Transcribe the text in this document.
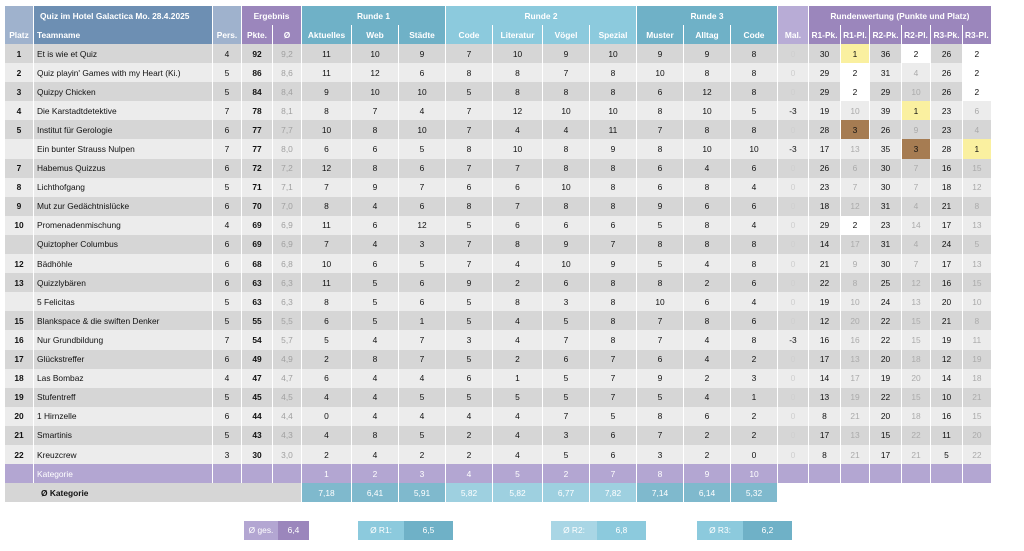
	Quiz im Hotel Galactica Mo. 28.4.2025		Ergebnis		Runde 1			Runde 2				Runde 3				Rundenwertung (Punkte und Platz)					
Platz	Teamname	Pers.	Pkte.	Ø	Aktuelles	Web	Städte	Code	Literatur	Vögel	Spezial	Muster	Alltag	Code	Mal.	R1-Pk.	R1-Pl.	R2-Pk.	R2-Pl.	R3-Pk.	R3-Pl.
1	Et is wie et Quiz	4	92	9,2	11	10	9	7	10	9	10	9	9	8	0	30	1	36	2	26	2
2	Quiz playin' Games with my Heart (Ki.)	5	86	8,6	11	12	6	8	8	7	8	10	8	8	0	29	2	31	4	26	2
3	Quizpy Chicken	5	84	8,4	9	10	10	5	8	8	8	6	12	8	0	29	2	29	10	26	2
4	Die Karstadtdetektive	7	78	8,1	8	7	4	7	12	10	10	8	10	5	-3	19	10	39	1	23	6
5	Institut für Gerologie	6	77	7,7	10	8	10	7	4	4	11	7	8	8	0	28	3	26	9	23	4
	Ein bunter Strauss Nulpen	7	77	8,0	6	6	5	8	10	8	9	8	10	10	-3	17	13	35	3	28	1
7	Habemus Quizzus	6	72	7,2	12	8	6	7	7	8	8	6	4	6	0	26	6	30	7	16	15
8	Lichthofgang	5	71	7,1	7	9	7	6	6	10	8	6	8	4	0	23	7	30	7	18	12
9	Mut zur Gedächtnislücke	6	70	7,0	8	4	6	8	7	8	8	9	6	6	0	18	12	31	4	21	8
10	Promenadenmischung	4	69	6,9	11	6	12	5	6	6	6	5	8	4	0	29	2	23	14	17	13
	Quiztopher Columbus	6	69	6,9	7	4	3	7	8	9	7	8	8	8	0	14	17	31	4	24	5
12	Bädhöhle	6	68	6,8	10	6	5	7	4	10	9	5	4	8	0	21	9	30	7	17	13
13	Quizzlybären	6	63	6,3	11	5	6	9	2	6	8	8	2	6	0	22	8	25	12	16	15
	5 Felicitas	5	63	6,3	8	5	6	5	8	3	8	10	6	4	0	19	10	24	13	20	10
15	Blankspace & die swiften Denker	5	55	5,5	6	5	1	5	4	5	8	7	8	6	0	12	20	22	15	21	8
16	Nur Grundbildung	7	54	5,7	5	4	7	3	4	7	8	7	4	8	-3	16	16	22	15	19	11
17	Glückstreffer	6	49	4,9	2	8	7	5	2	6	7	6	4	2	0	17	13	20	18	12	19
18	Las Bombaz	4	47	4,7	6	4	4	6	1	5	7	9	2	3	0	14	17	19	20	14	18
19	Stufentreff	5	45	4,5	4	4	5	5	5	5	7	5	4	1	0	13	19	22	15	10	21
20	1 Hirnzelle	6	44	4,4	0	4	4	4	4	7	5	8	6	2	0	8	21	20	18	16	15
21	Smartinis	5	43	4,3	4	8	5	2	4	3	6	7	2	2	0	17	13	15	22	11	20
22	Kreuzcrew	3	30	3,0	2	4	2	2	4	5	6	3	2	0	0	8	21	17	21	5	22
	Kategorie				1	2	3	4	5	2	7	8	9	10							
Ø Kategorie					7,18	6,41	5,91	5,82	5,82	6,77	7,82	7,14	6,14	5,32							
Ø ges.	6,4	Ø R1:	6,5	Ø R2:	6,8	Ø R3:	6,2
